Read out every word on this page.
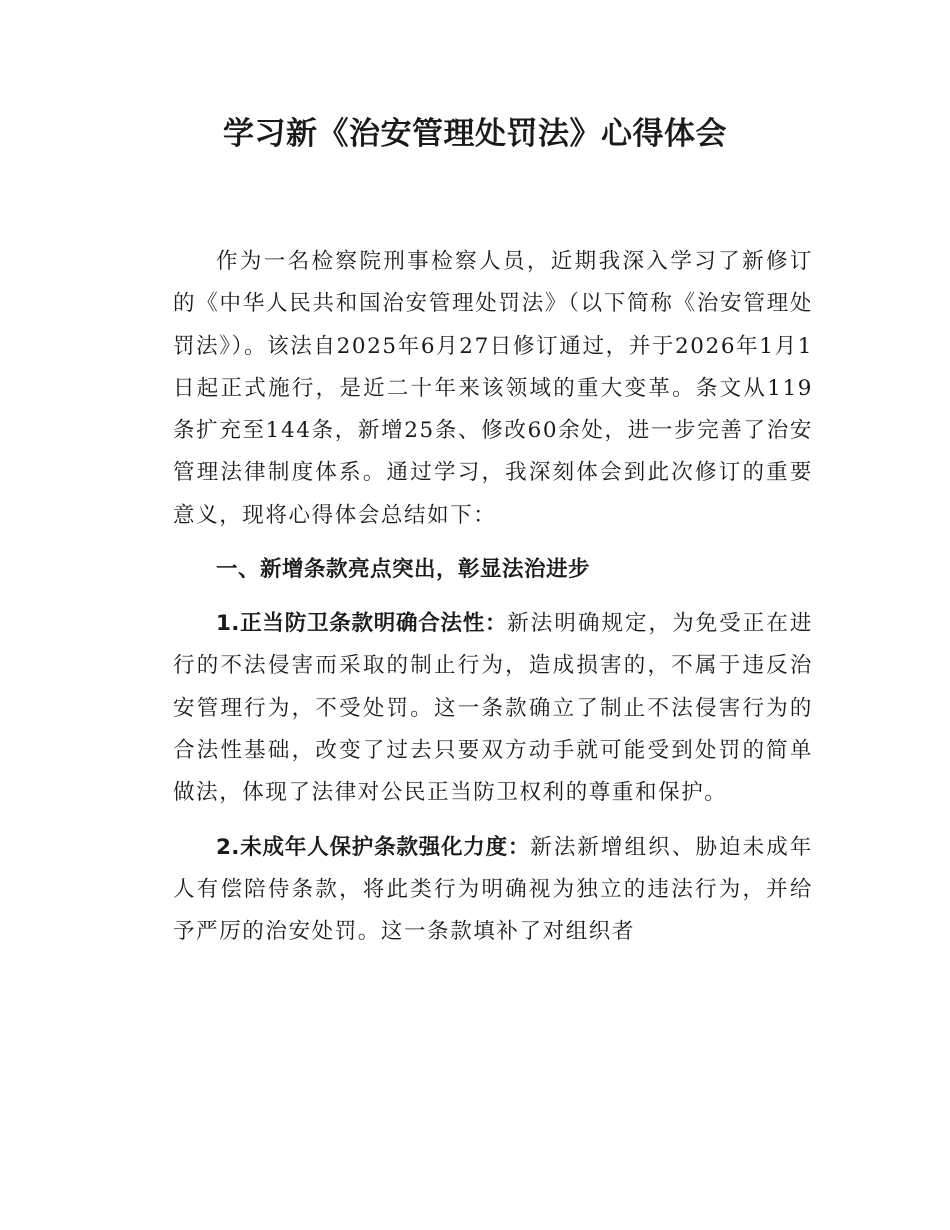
学习新《治安管理处罚法》心得体会

作为一名检察院刑事检察人员，近期我深入学习了新修订的《中华人民共和国治安管理处罚法》（以下简称《治安管理处罚法》）。该法自2025年6月27日修订通过，并于2026年1月1日起正式施行，是近二十年来该领域的重大变革。条文从119条扩充至144条，新增25条、修改60余处，进一步完善了治安管理法律制度体系。通过学习，我深刻体会到此次修订的重要意义，现将心得体会总结如下：

一、新增条款亮点突出，彰显法治进步

1.正当防卫条款明确合法性：新法明确规定，为免受正在进行的不法侵害而采取的制止行为，造成损害的，不属于违反治安管理行为，不受处罚。这一条款确立了制止不法侵害行为的合法性基础，改变了过去只要双方动手就可能受到处罚的简单做法，体现了法律对公民正当防卫权利的尊重和保护。

2.未成年人保护条款强化力度：新法新增组织、胁迫未成年人有偿陪侍条款，将此类行为明确视为独立的违法行为，并给予严厉的治安处罚。这一条款填补了对组织者
